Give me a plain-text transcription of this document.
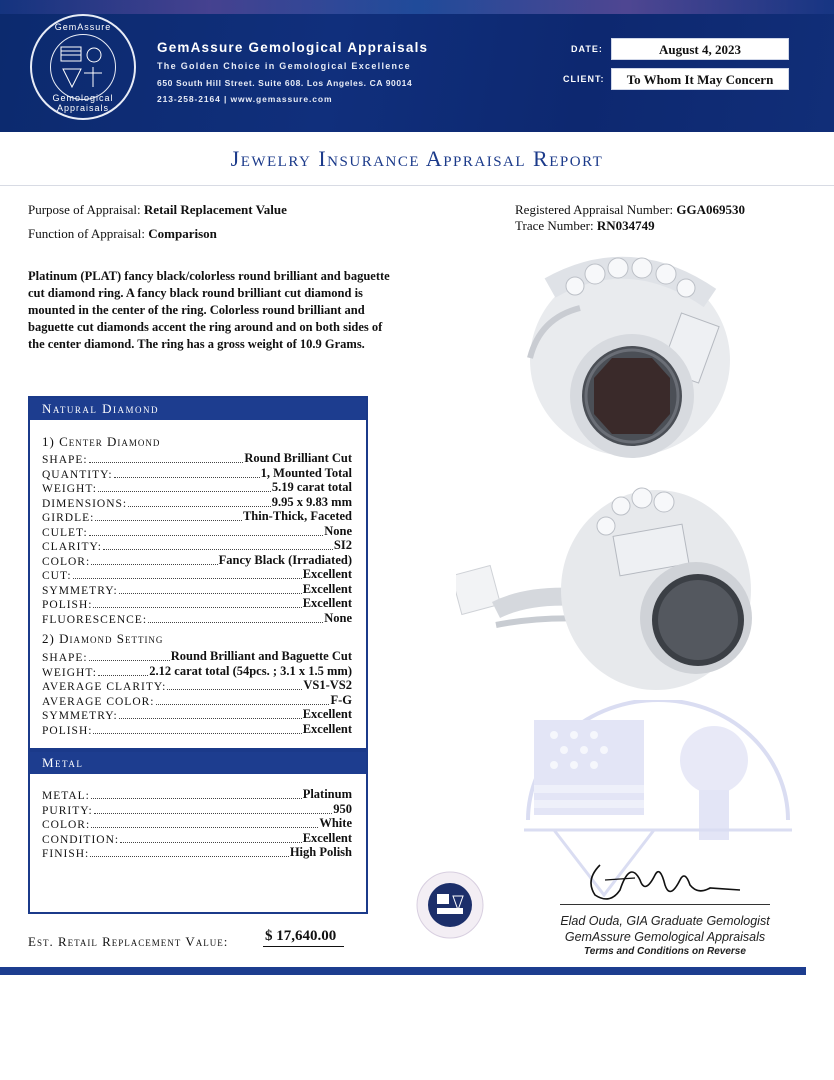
GemAssure
Gemological Appraisals
GemAssure Gemological Appraisals
The Golden Choice in Gemological Excellence
650 South Hill Street. Suite 608. Los Angeles. CA 90014
213-258-2164 | www.gemassure.com
DATE:	August 4, 2023
CLIENT:	To Whom It May Concern
Jewelry Insurance Appraisal Report
Purpose of Appraisal: Retail Replacement Value
Function of Appraisal: Comparison
Registered Appraisal Number: GGA069530
Trace Number: RN034749
Platinum (PLAT) fancy black/colorless round brilliant and baguette cut diamond ring. A fancy black round brilliant cut diamond is mounted in the center of the ring. Colorless round brilliant and baguette cut diamonds accent the ring around and on both sides of the center diamond. The ring has a gross weight of 10.9 Grams.
Natural Diamond
1) Center Diamond
SHAPE:	Round Brilliant Cut
QUANTITY:	1, Mounted Total
WEIGHT:	5.19 carat total
DIMENSIONS:	9.95 x 9.83 mm
GIRDLE:	Thin-Thick, Faceted
CULET:	None
CLARITY:	SI2
COLOR:	Fancy Black (Irradiated)
CUT:	Excellent
SYMMETRY:	Excellent
POLISH:	Excellent
FLUORESCENCE:	None
2) Diamond Setting
SHAPE:	Round Brilliant and Baguette Cut
WEIGHT:	2.12 carat total (54pcs. ; 3.1 x 1.5 mm)
AVERAGE CLARITY:	VS1-VS2
AVERAGE COLOR:	F-G
SYMMETRY:	Excellent
POLISH:	Excellent
Metal
METAL:	Platinum
PURITY:	950
COLOR:	White
CONDITION:	Excellent
FINISH:	High Polish
Elad Ouda, GIA Graduate Gemologist
GemAssure Gemological Appraisals
Terms and Conditions on Reverse
Est. Retail Replacement Value: $ 17,640.00
